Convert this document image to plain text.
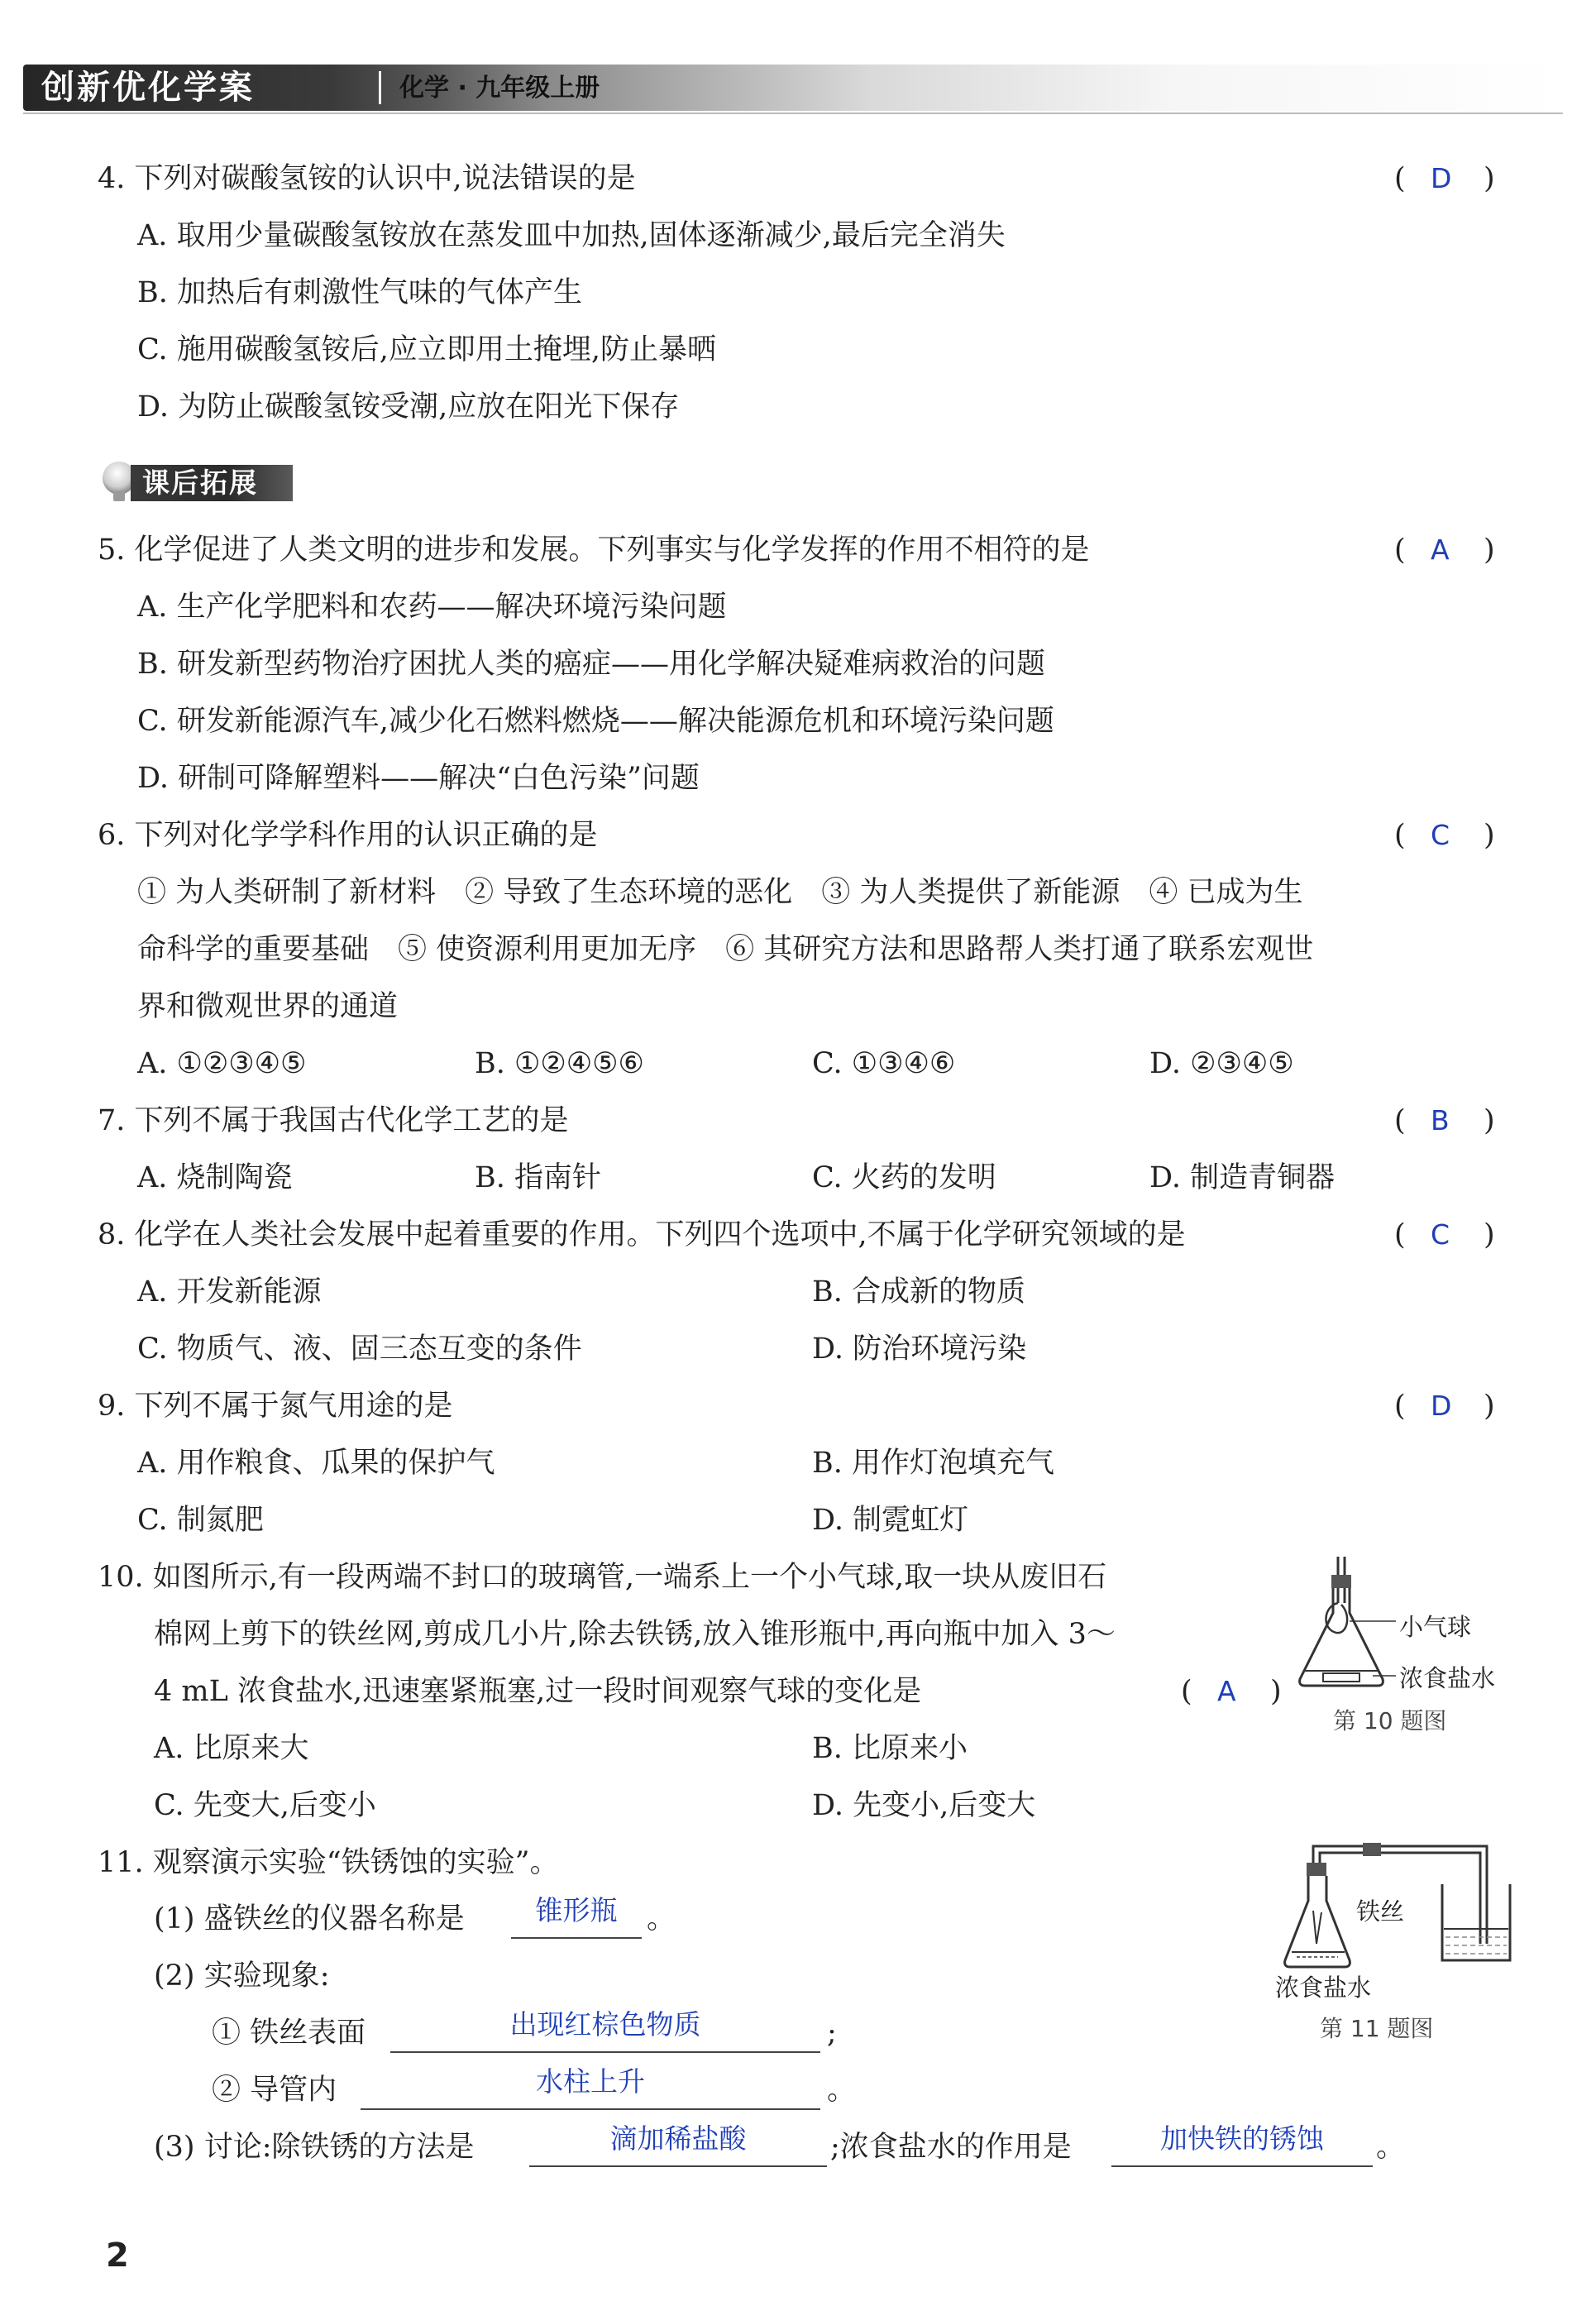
创新优化学案	化学 · 九年级上册
4. 下列对碳酸氢铵的认识中,说法错误的是	( D )
A. 取用少量碳酸氢铵放在蒸发皿中加热,固体逐渐减少,最后完全消失
B. 加热后有刺激性气味的气体产生
C. 施用碳酸氢铵后,应立即用土掩埋,防止暴晒
D. 为防止碳酸氢铵受潮,应放在阳光下保存
课后拓展
5. 化学促进了人类文明的进步和发展。下列事实与化学发挥的作用不相符的是	( A )
A. 生产化学肥料和农药——解决环境污染问题
B. 研发新型药物治疗困扰人类的癌症——用化学解决疑难病救治的问题
C. 研发新能源汽车,减少化石燃料燃烧——解决能源危机和环境污染问题
D. 研制可降解塑料——解决“白色污染”问题
6. 下列对化学学科作用的认识正确的是	( C )
① 为人类研制了新材料　② 导致了生态环境的恶化　③ 为人类提供了新能源　④ 已成为生
命科学的重要基础　⑤ 使资源利用更加无序　⑥ 其研究方法和思路帮人类打通了联系宏观世
界和微观世界的通道
A. ①②③④⑤	B. ①②④⑤⑥	C. ①③④⑥	D. ②③④⑤
7. 下列不属于我国古代化学工艺的是	( B )
A. 烧制陶瓷	B. 指南针	C. 火药的发明	D. 制造青铜器
8. 化学在人类社会发展中起着重要的作用。下列四个选项中,不属于化学研究领域的是	( C )
A. 开发新能源	B. 合成新的物质
C. 物质气、液、固三态互变的条件	D. 防治环境污染
9. 下列不属于氮气用途的是	( D )
A. 用作粮食、瓜果的保护气	B. 用作灯泡填充气
C. 制氮肥	D. 制霓虹灯
10. 如图所示,有一段两端不封口的玻璃管,一端系上一个小气球,取一块从废旧石
棉网上剪下的铁丝网,剪成几小片,除去铁锈,放入锥形瓶中,再向瓶中加入 3～
4 mL 浓食盐水,迅速塞紧瓶塞,过一段时间观察气球的变化是	( A )
A. 比原来大	B. 比原来小
C. 先变大,后变小	D. 先变小,后变大
小气球
浓食盐水
第 10 题图
11. 观察演示实验“铁锈蚀的实验”。
(1) 盛铁丝的仪器名称是	锥形瓶	。
(2) 实验现象:
① 铁丝表面	出现红棕色物质	;
② 导管内	水柱上升	。
(3) 讨论:除铁锈的方法是	滴加稀盐酸	;浓食盐水的作用是	加快铁的锈蚀	。
铁丝
浓食盐水
第 11 题图
2
